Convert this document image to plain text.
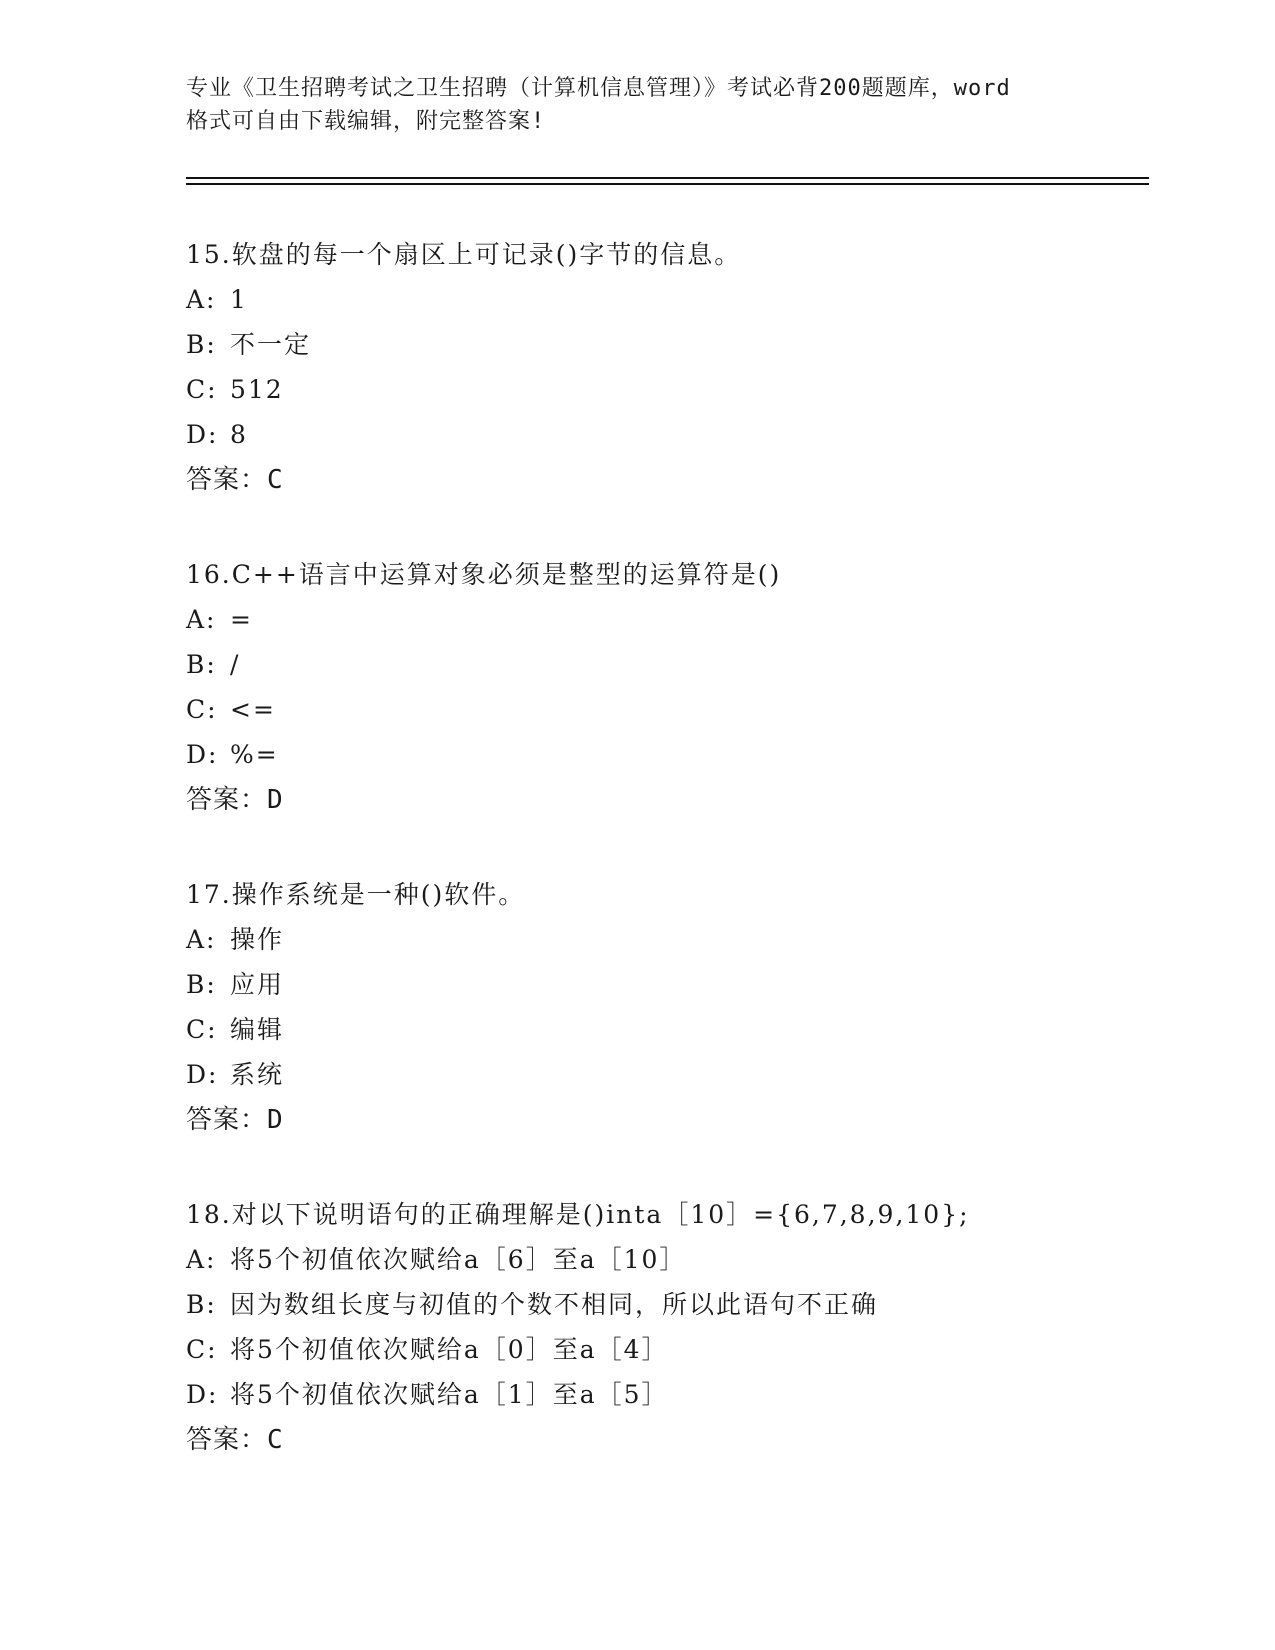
专业《卫生招聘考试之卫生招聘（计算机信息管理）》考试必背200题题库，word
格式可自由下载编辑，附完整答案!
15.软盘的每一个扇区上可记录()字节的信息。
A: 1
B: 不一定
C: 512
D: 8
答案：C
16.C++语言中运算对象必须是整型的运算符是()
A: =
B: /
C: <=
D: %=
答案：D
17.操作系统是一种()软件。
A: 操作
B: 应用
C: 编辑
D: 系统
答案：D
18.对以下说明语句的正确理解是()inta［10］={6,7,8,9,10};
A: 将5个初值依次赋给a［6］至a［10］
B: 因为数组长度与初值的个数不相同，所以此语句不正确
C: 将5个初值依次赋给a［0］至a［4］
D: 将5个初值依次赋给a［1］至a［5］
答案：C
